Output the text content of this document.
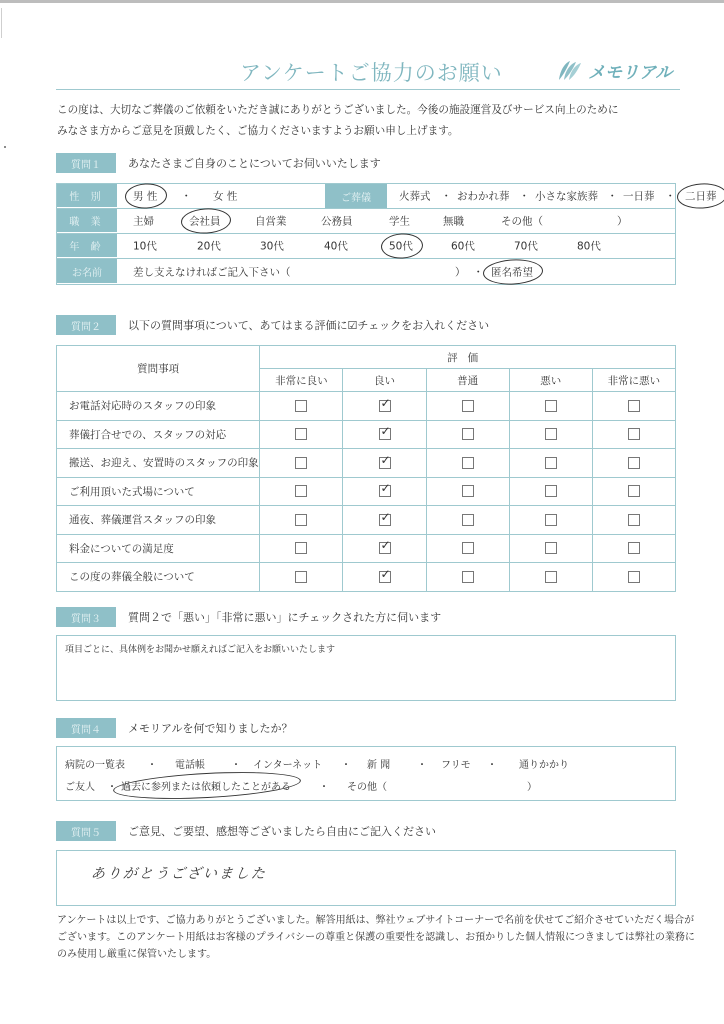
アンケートご協力のお願い	メモリアル
この度は、大切なご葬儀のご依頼をいただき誠にありがとうございました。今後の施設運営及びサービス向上のために
みなさま方からご意見を頂戴したく、ご協力くださいますようお願い申し上げます。
質問１	あなたさまご自身のことについてお伺いいたします
性 別	男 性 ・ 女 性	ご葬儀	火葬式 ・ おわかれ葬 ・ 小さな家族葬 ・ 一日葬 ・ 二日葬
職 業	主婦	会社員	自営業	公務員	学生	無職	その他（	）
年 齢	10代	20代	30代	40代	50代	60代	70代	80代
お名前	差し支えなければご記入下さい（	） ・ 匿名希望
質問２	以下の質問事項について、あてはまる評価に☑チェックをお入れください
質問事項	評価				
	非常に良い	良い	普通	悪い	非常に悪い
お電話対応時のスタッフの印象		✓			
葬儀打合せでの、スタッフの対応		✓			
搬送、お迎え、安置時のスタッフの印象		✓			
ご利用頂いた式場について		✓			
通夜、葬儀運営スタッフの印象		✓			
料金についての満足度		✓			
この度の葬儀全般について		✓			
質問３	質問２で「悪い」「非常に悪い」にチェックされた方に伺います
項目ごとに、具体例をお聞かせ願えればご記入をお願いいたします
質問４	メモリアルを何で知りましたか？
病院の一覧表 ・ 電話帳	・ インターネット ・ 新 聞	・ フリモ ・ 通りかかり
ご友人 ・ 過去に参列または依頼したことがある	・ その他（	）
質問５	ご意見、ご要望、感想等ございましたら自由にご記入ください
ありがとうございました
アンケートは以上です、ご協力ありがとうございました。解答用紙は、弊社ウェブサイトコーナーで名前を伏せてご紹介させていただく場合がございます。このアンケート用紙はお客様のプライバシーの尊重と保護の重要性を認識し、お預かりした個人情報につきましては弊社の業務にのみ使用し厳重に保管いたします。
